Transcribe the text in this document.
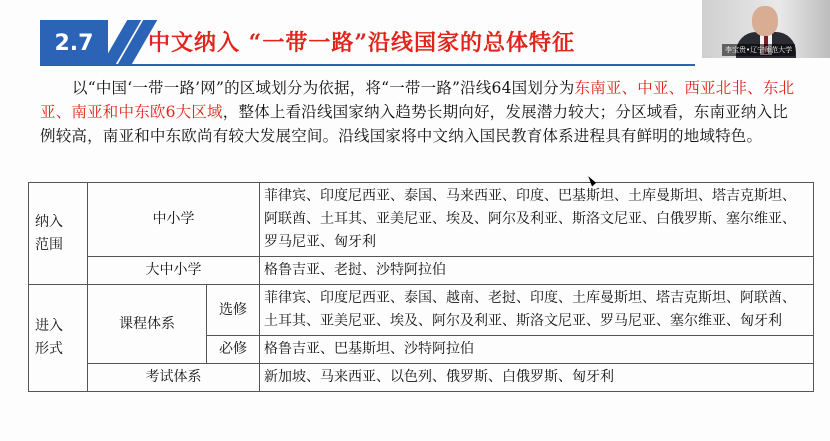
2.7	中文纳入 “一带一路”沿线国家的总体特征	李宝贵•辽宁师范大学
以“中国‘一带一路’网”的区域划分为依据，将“一带一路”沿线64国划分为东南亚、中亚、西亚北非、东北亚、南亚和中东欧6大区域，整体上看沿线国家纳入趋势长期向好，发展潜力较大；分区域看，东南亚纳入比例较高，南亚和中东欧尚有较大发展空间。沿线国家将中文纳入国民教育体系进程具有鲜明的地域特色。
纳入
范围	中小学		菲律宾、印度尼西亚、泰国、马来西亚、印度、巴基斯坦、土库曼斯坦、塔吉克斯坦、阿联酋、土耳其、亚美尼亚、埃及、阿尔及利亚、斯洛文尼亚、白俄罗斯、塞尔维亚、罗马尼亚、匈牙利
	大中小学		格鲁吉亚、老挝、沙特阿拉伯
进入
形式	课程体系	选修	菲律宾、印度尼西亚、泰国、越南、老挝、印度、土库曼斯坦、塔吉克斯坦、阿联酋、土耳其、亚美尼亚、埃及、阿尔及利亚、斯洛文尼亚、罗马尼亚、塞尔维亚、匈牙利
		必修	格鲁吉亚、巴基斯坦、沙特阿拉伯
	考试体系		新加坡、马来西亚、以色列、俄罗斯、白俄罗斯、匈牙利
